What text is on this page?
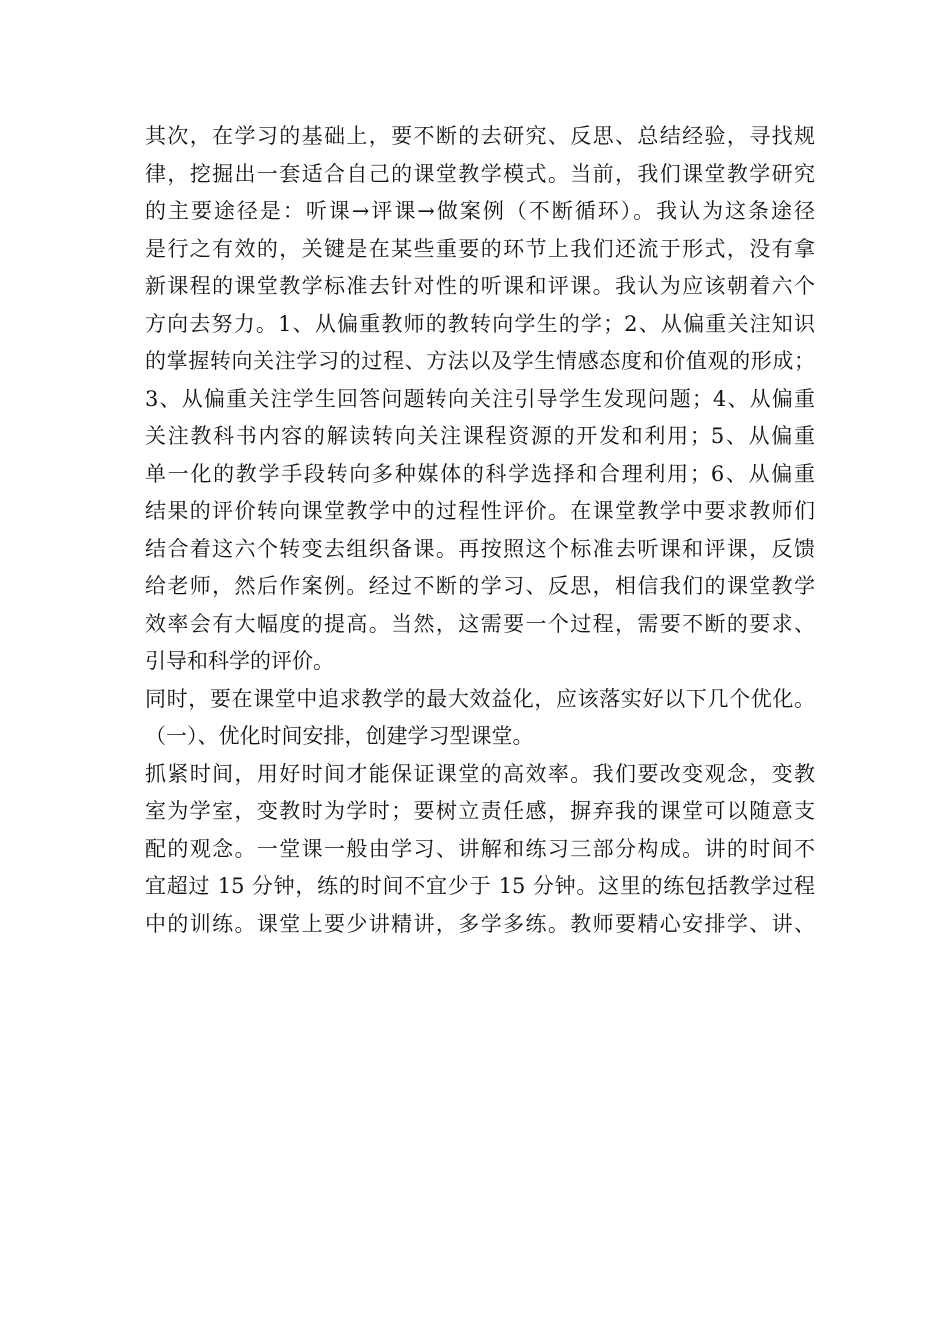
其次，在学习的基础上，要不断的去研究、反思、总结经验，寻找规
律，挖掘出一套适合自己的课堂教学模式。当前，我们课堂教学研究
的主要途径是：听课→评课→做案例（不断循环）。我认为这条途径
是行之有效的，关键是在某些重要的环节上我们还流于形式，没有拿
新课程的课堂教学标准去针对性的听课和评课。我认为应该朝着六个
方向去努力。1、从偏重教师的教转向学生的学；2、从偏重关注知识
的掌握转向关注学习的过程、方法以及学生情感态度和价值观的形成；
3、从偏重关注学生回答问题转向关注引导学生发现问题；4、从偏重
关注教科书内容的解读转向关注课程资源的开发和利用；5、从偏重
单一化的教学手段转向多种媒体的科学选择和合理利用；6、从偏重
结果的评价转向课堂教学中的过程性评价。在课堂教学中要求教师们
结合着这六个转变去组织备课。再按照这个标准去听课和评课，反馈
给老师，然后作案例。经过不断的学习、反思，相信我们的课堂教学
效率会有大幅度的提高。当然，这需要一个过程，需要不断的要求、
引导和科学的评价。
同时，要在课堂中追求教学的最大效益化，应该落实好以下几个优化。
（一）、优化时间安排，创建学习型课堂。
抓紧时间，用好时间才能保证课堂的高效率。我们要改变观念，变教
室为学室，变教时为学时；要树立责任感，摒弃我的课堂可以随意支
配的观念。一堂课一般由学习、讲解和练习三部分构成。讲的时间不
宜超过 15 分钟，练的时间不宜少于 15 分钟。这里的练包括教学过程
中的训练。课堂上要少讲精讲，多学多练。教师要精心安排学、讲、
